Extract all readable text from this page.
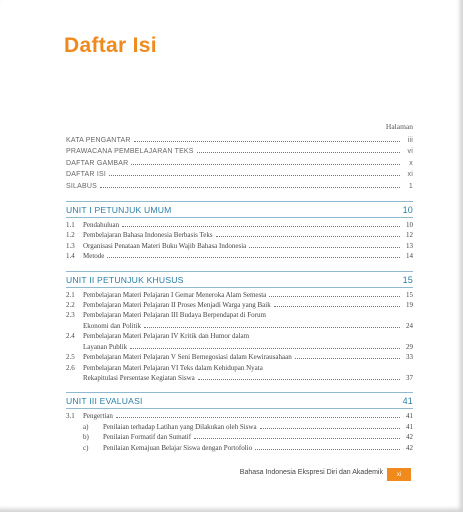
Daftar Isi
Halaman
KATA PENGANTAR	iii
PRAWACANA PEMBELAJARAN TEKS	vi
DAFTAR GAMBAR	x
DAFTAR ISI	xi
SILABUS	1
UNIT I PETUNJUK UMUM	10
1.1	Pendahuluan	10
1.2	Pembelajaran Bahasa Indonesia Berbasis Teks	12
1.3	Organisasi Penataan Materi Buku Wajib Bahasa Indonesia	13
1.4	Metode	14
UNIT II PETUNJUK KHUSUS	15
2.1	Pembelajaran Materi Pelajaran I Gemar Meneroka Alam Semesta	15
2.2	Pembelajaran Materi Pelajaran II Proses Menjadi Warga yang Baik	19
2.3	Pembelajaran Materi Pelajaran III Budaya Berpendapat di Forum
Ekonomi dan Politik	24
2.4	Pembelajaran Materi Pelajaran IV Kritik dan Humor dalam
Layanan Publik	29
2.5	Pembelajaran Materi Pelajaran V Seni Bernegosiasi dalam Kewirausahaan	33
2.6	Pembelajaran Materi Pelajaran VI Teks dalam Kehidupan Nyata
Rekapitulasi Persentase Kegiatan Siswa	37
UNIT III EVALUASI	41
3.1	Pengertian	41
a)	Penilaian terhadap Latihan yang Dilakukan oleh Siswa	41
b)	Penilaian Formatif dan Sumatif	42
c)	Penilaian Kemajuan Belajar Siswa dengan Portofolio	42
Bahasa Indonesia Ekspresi Diri dan Akademik	xi
